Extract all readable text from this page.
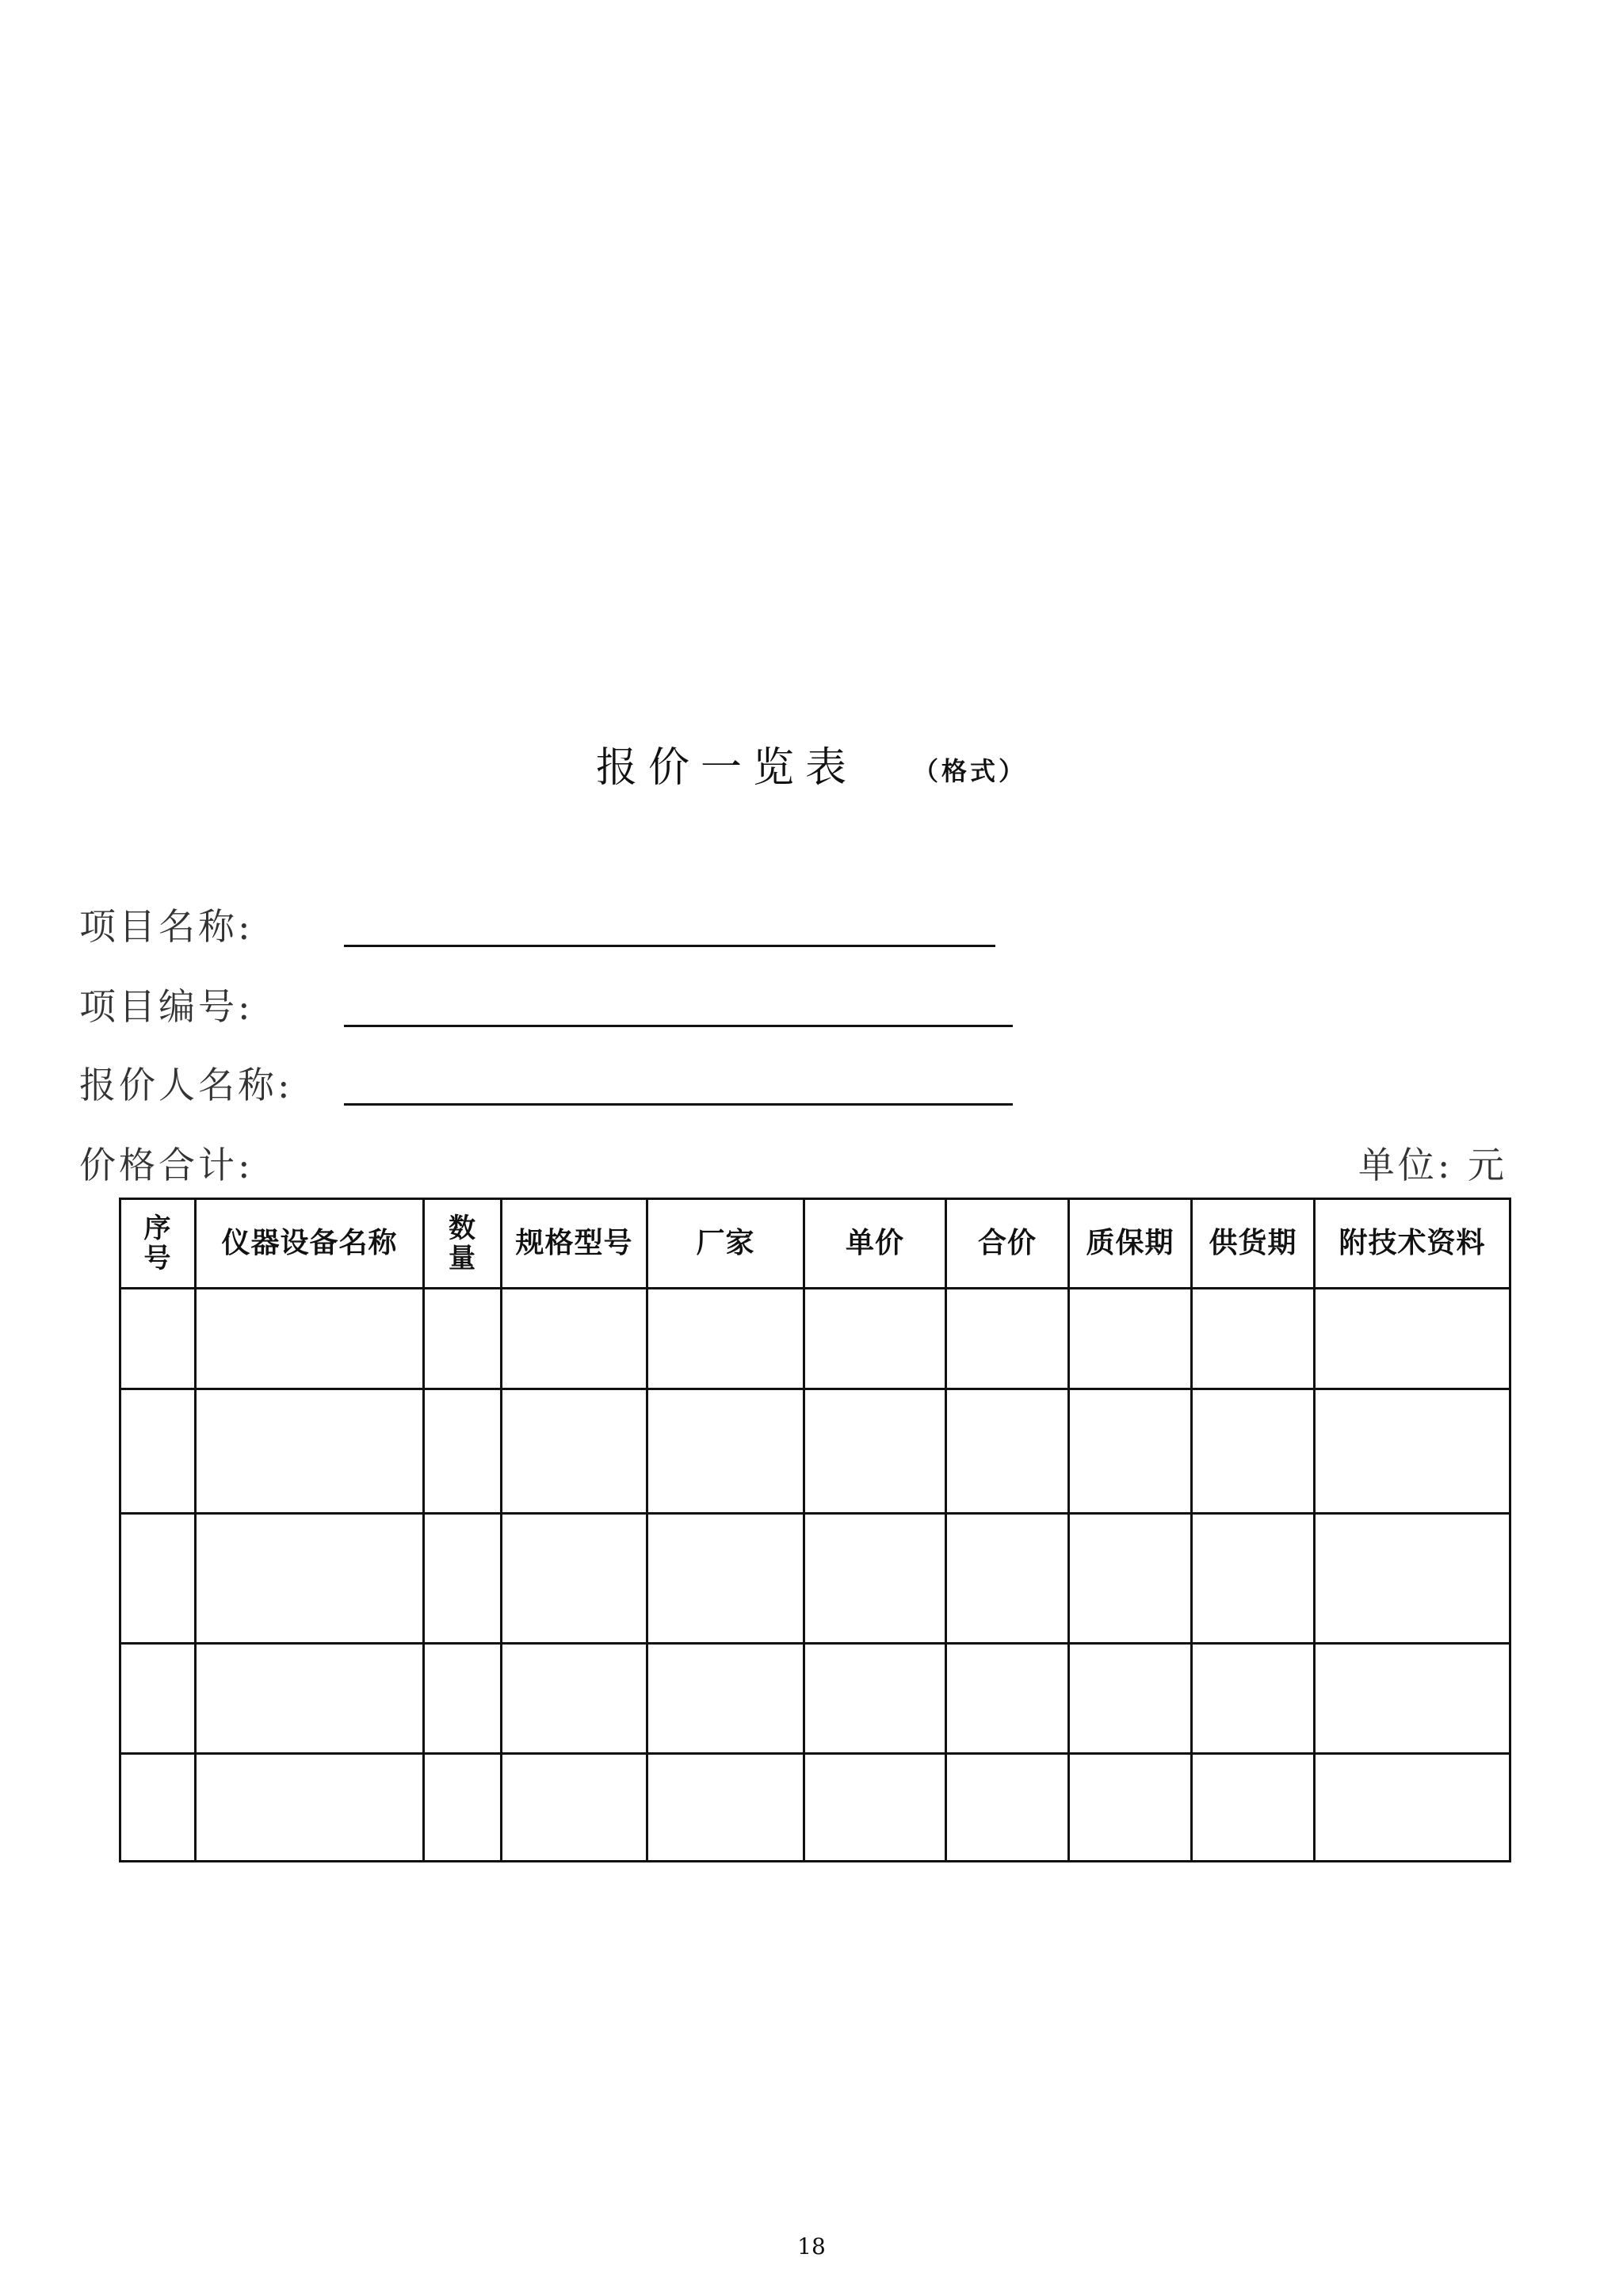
报价一览表 （格式）
项目名称:
项目编号:
报价人名称:
价格合计:	单位: 元
序号	仪器设备名称	数量	规格型号	厂家	单价	合价	质保期	供货期	附技术资料

18
